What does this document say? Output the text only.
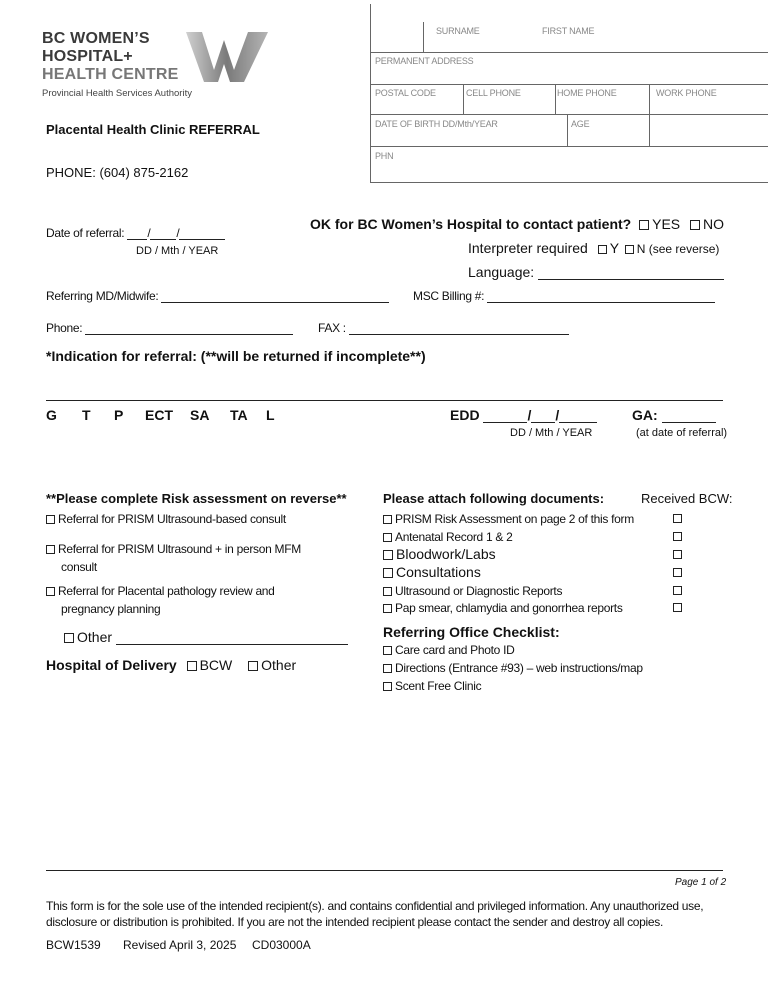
BC WOMEN’S
HOSPITAL+
HEALTH CENTRE
Provincial Health Services Authority
Placental Health Clinic REFERRAL
PHONE: (604) 875-2162
SURNAME	FIRST NAME
PERMANENT ADDRESS
POSTAL CODE	CELL PHONE	HOME PHONE	WORK PHONE
DATE OF BIRTH DD/Mth/YEAR	AGE
PHN
Date of referral: / /
DD / Mth / YEAR
OK for BC Women’s Hospital to contact patient? YES NO
Interpreter required Y N (see reverse)
Language:
Referring MD/Midwife:	MSC Billing #:
Phone:	FAX :
*Indication for referral: (**will be returned if incomplete**)
G T P ECT SA TA L	EDD	/ /
DD / Mth / YEAR
GA:
(at date of referral)
**Please complete Risk assessment on reverse**
Referral for PRISM Ultrasound-based consult
Referral for PRISM Ultrasound + in person MFM
consult
Referral for Placental pathology review and
pregnancy planning
Other
Hospital of Delivery BCW Other
Please attach following documents:	Received BCW:
PRISM Risk Assessment on page 2 of this form
Antenatal Record 1 & 2
Bloodwork/Labs
Consultations
Ultrasound or Diagnostic Reports
Pap smear, chlamydia and gonorrhea reports
Referring Office Checklist:
Care card and Photo ID
Directions (Entrance #93) – web instructions/map
Scent Free Clinic
Page 1 of 2
This form is for the sole use of the intended recipient(s). and contains confidential and privileged information. Any unauthorized use,
disclosure or distribution is prohibited. If you are not the intended recipient please contact the sender and destroy all copies.
BCW1539 Revised April 3, 2025 CD03000A
